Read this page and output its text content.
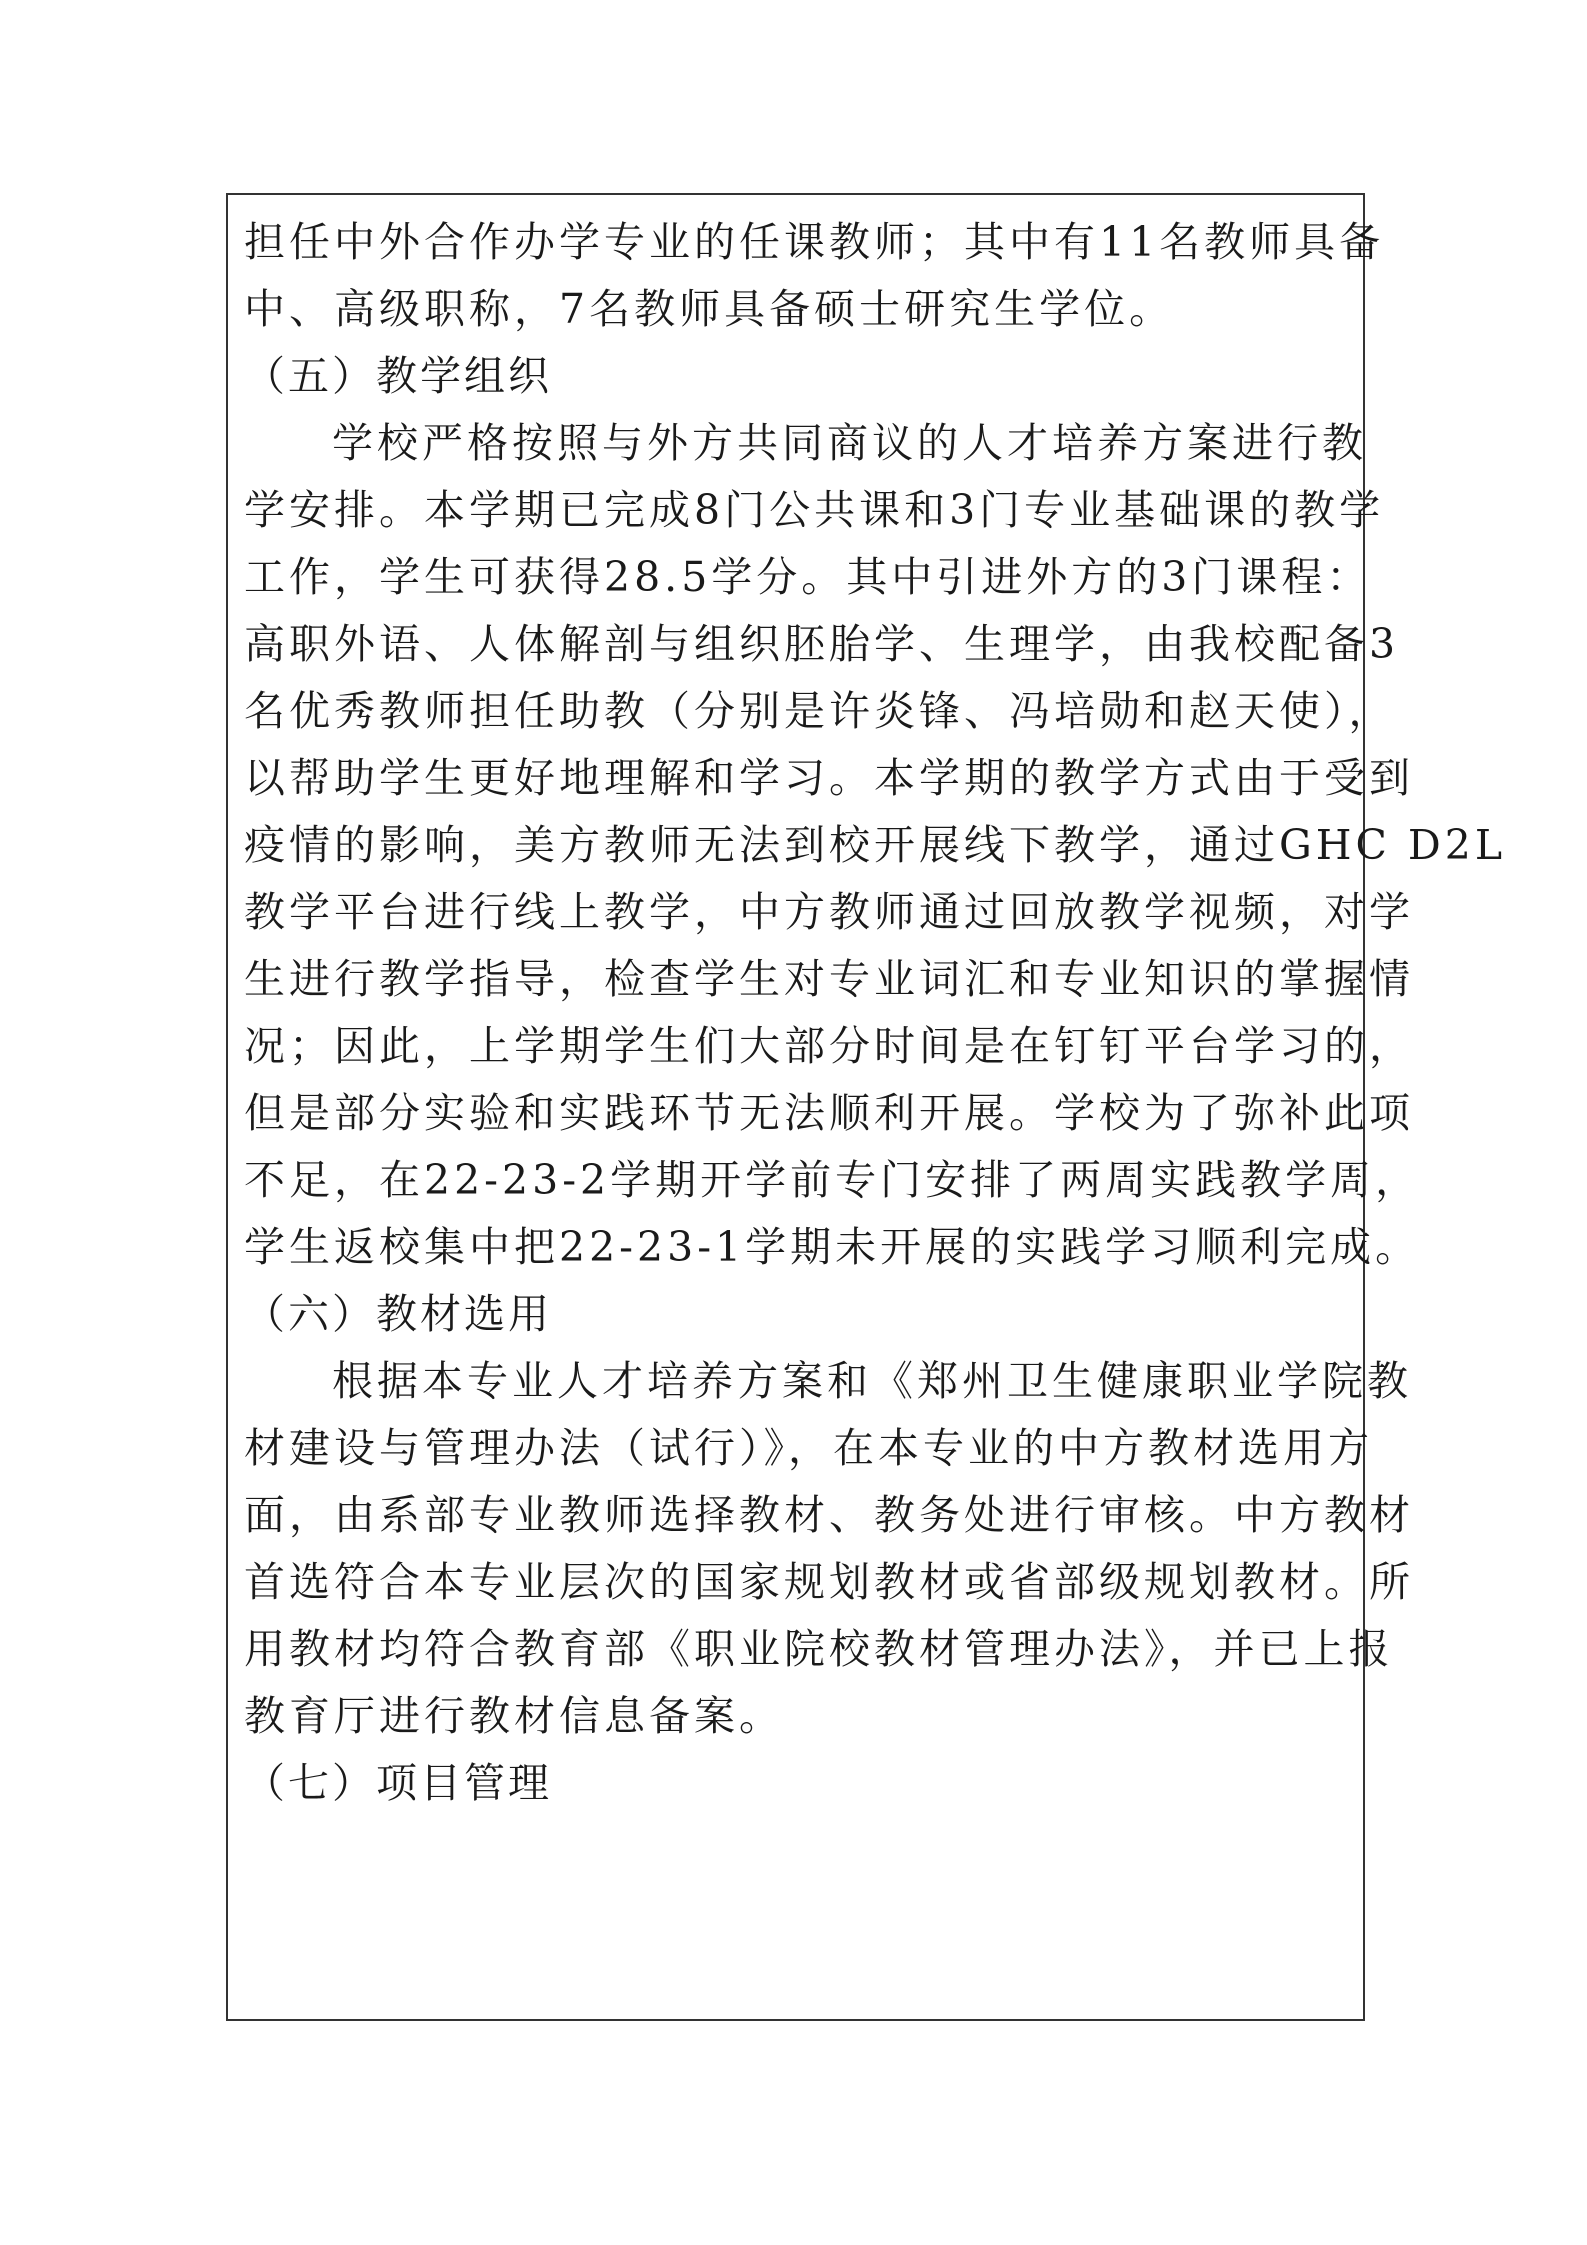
担任中外合作办学专业的任课教师；其中有11名教师具备
中、高级职称，7名教师具备硕士研究生学位。
（五）教学组织
学校严格按照与外方共同商议的人才培养方案进行教
学安排。本学期已完成8门公共课和3门专业基础课的教学
工作，学生可获得28.5学分。其中引进外方的3门课程：
高职外语、人体解剖与组织胚胎学、生理学，由我校配备3
名优秀教师担任助教（分别是许炎锋、冯培勋和赵天使），
以帮助学生更好地理解和学习。本学期的教学方式由于受到
疫情的影响，美方教师无法到校开展线下教学，通过GHC D2L
教学平台进行线上教学，中方教师通过回放教学视频，对学
生进行教学指导，检查学生对专业词汇和专业知识的掌握情
况；因此，上学期学生们大部分时间是在钉钉平台学习的，
但是部分实验和实践环节无法顺利开展。学校为了弥补此项
不足，在22-23-2学期开学前专门安排了两周实践教学周，
学生返校集中把22-23-1学期未开展的实践学习顺利完成。
（六）教材选用
根据本专业人才培养方案和《郑州卫生健康职业学院教
材建设与管理办法（试行）》，在本专业的中方教材选用方
面，由系部专业教师选择教材、教务处进行审核。中方教材
首选符合本专业层次的国家规划教材或省部级规划教材。所
用教材均符合教育部《职业院校教材管理办法》，并已上报
教育厅进行教材信息备案。
（七）项目管理
